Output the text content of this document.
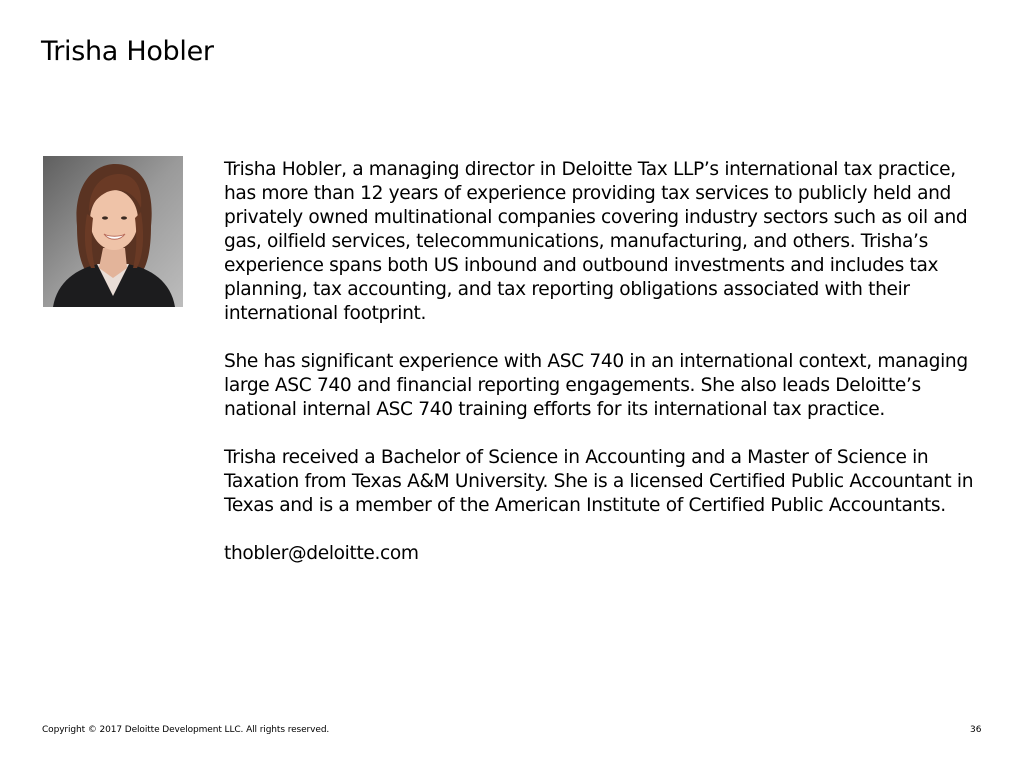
Trisha Hobler

Trisha Hobler, a managing director in Deloitte Tax LLP’s international tax practice, has more than 12 years of experience providing tax services to publicly held and privately owned multinational companies covering industry sectors such as oil and gas, oilfield services, telecommunications, manufacturing, and others. Trisha’s experience spans both US inbound and outbound investments and includes tax planning, tax accounting, and tax reporting obligations associated with their international footprint.

She has significant experience with ASC 740 in an international context, managing large ASC 740 and financial reporting engagements. She also leads Deloitte’s national internal ASC 740 training efforts for its international tax practice.

Trisha received a Bachelor of Science in Accounting and a Master of Science in Taxation from Texas A&M University. She is a licensed Certified Public Accountant in Texas and is a member of the American Institute of Certified Public Accountants.

thobler@deloitte.com

Copyright © 2017 Deloitte Development LLC. All rights reserved.	36
